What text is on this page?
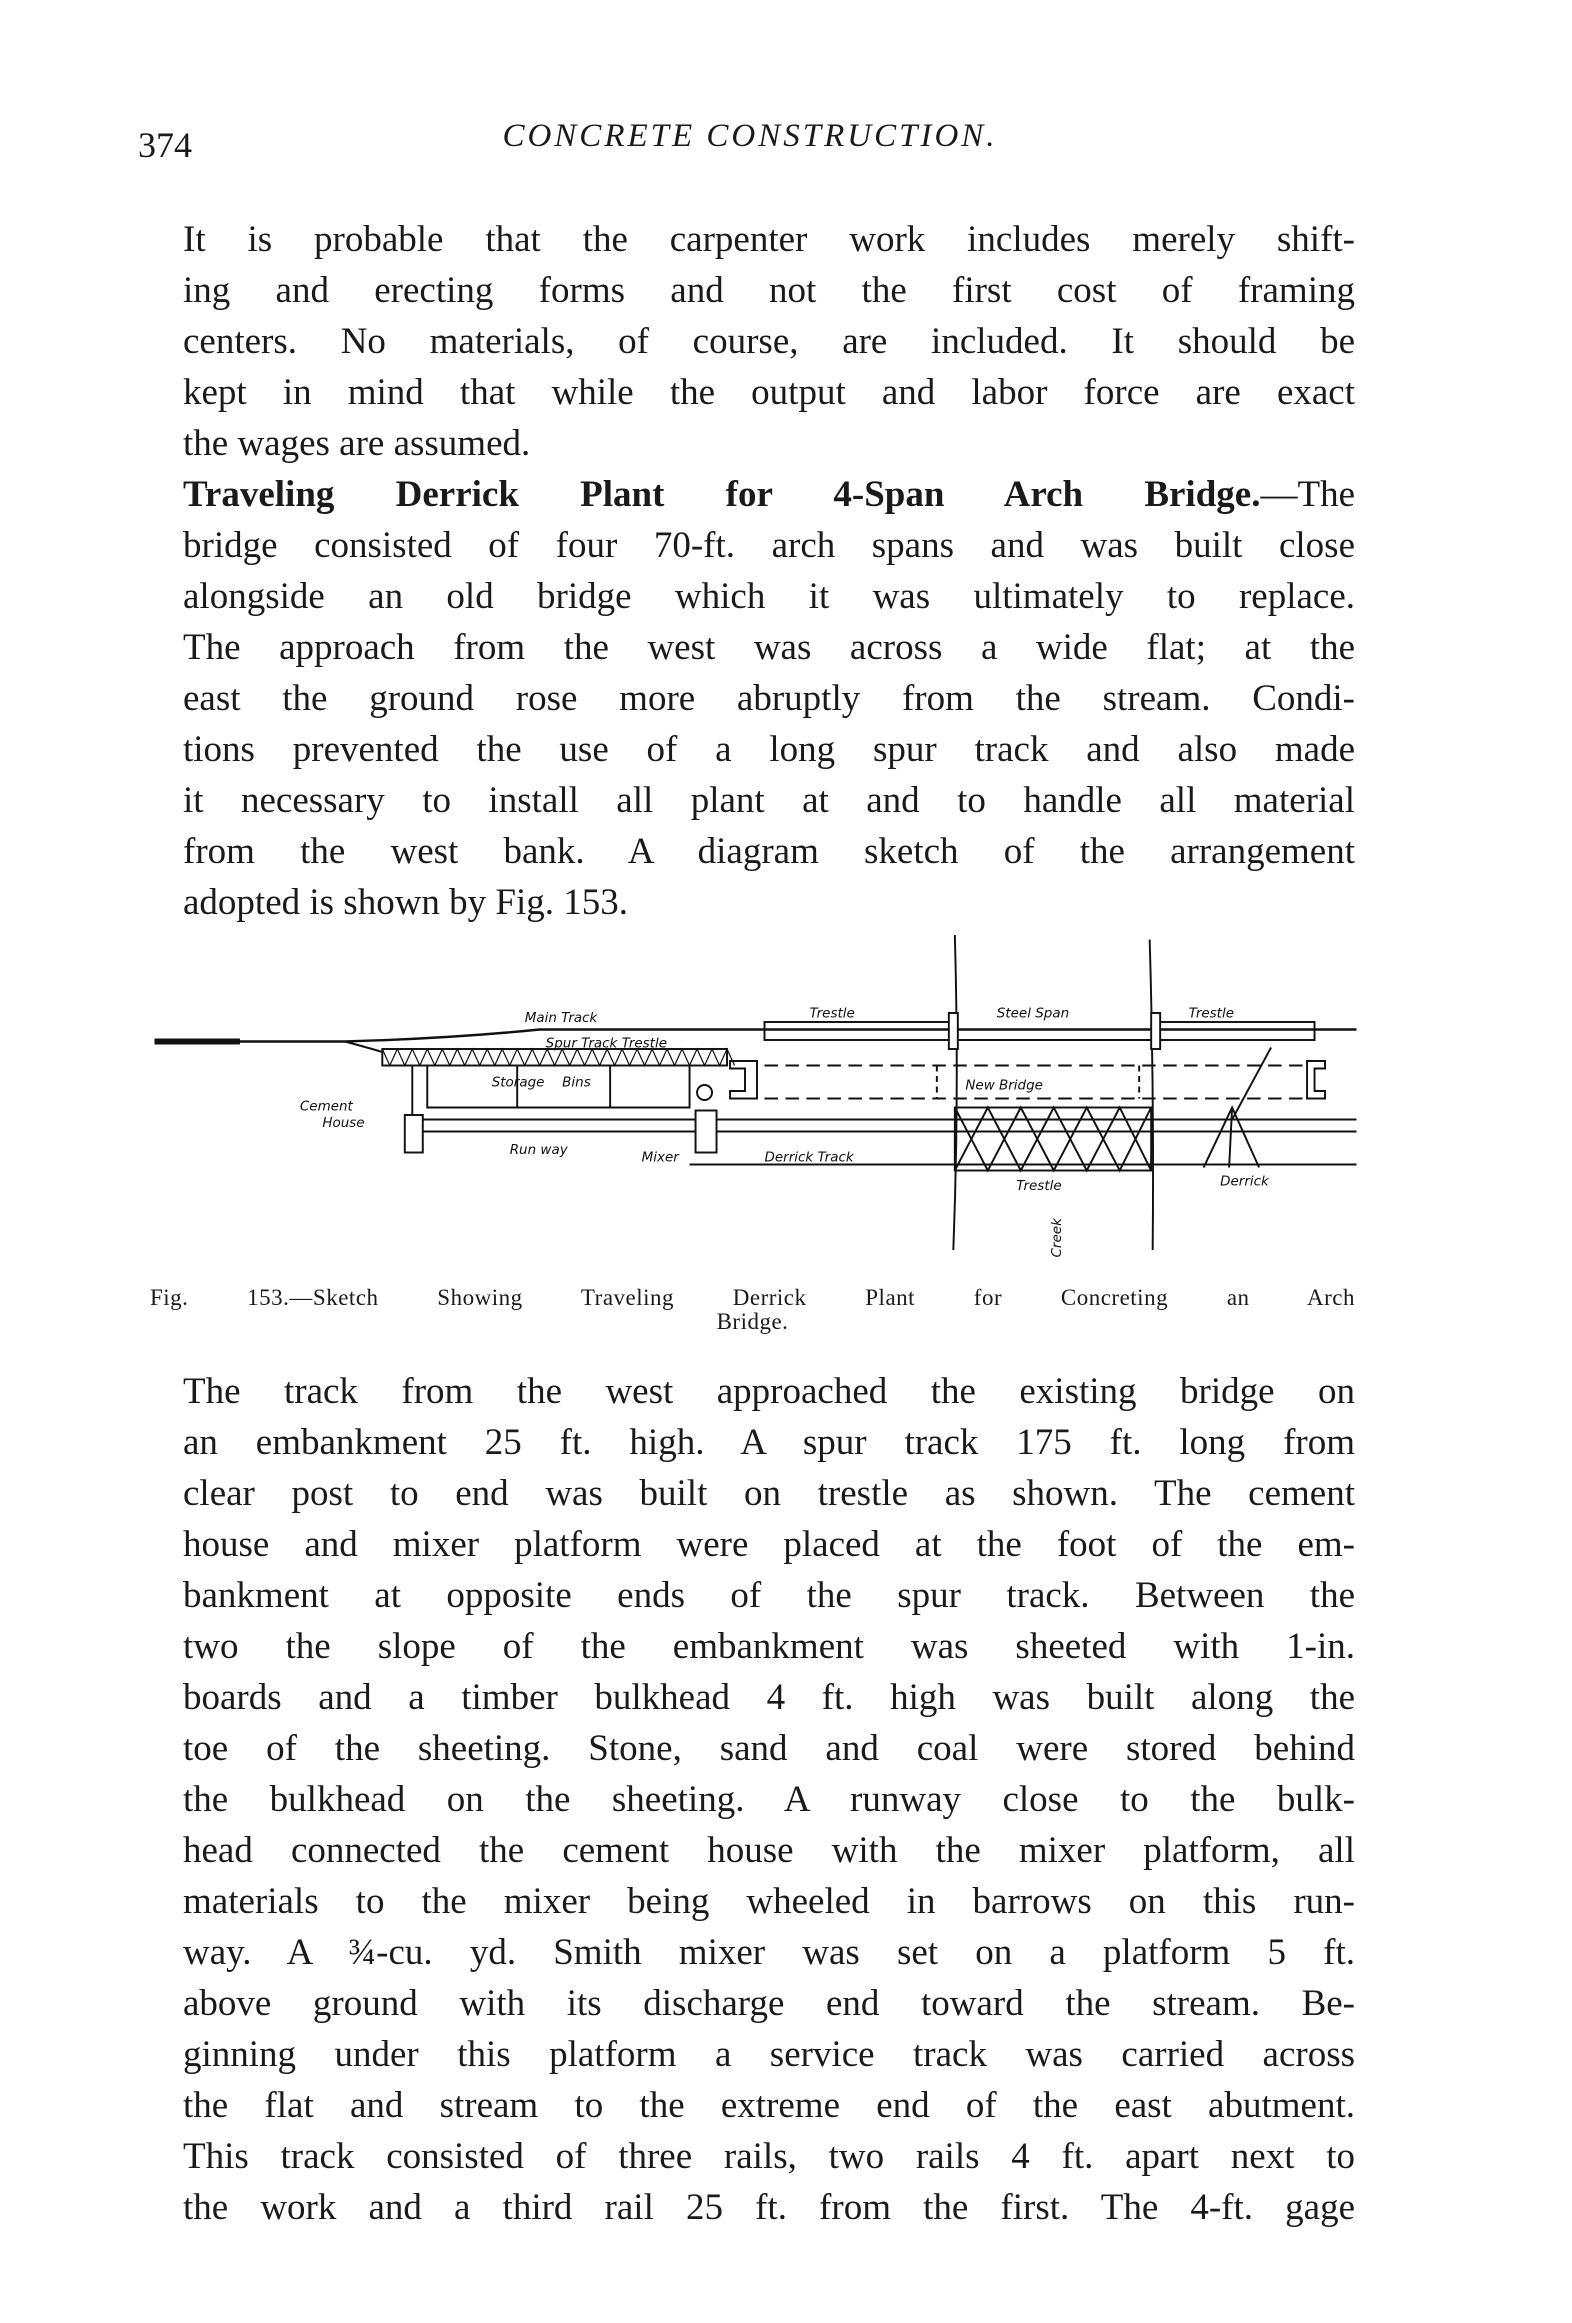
374	CONCRETE CONSTRUCTION.
It is probable that the carpenter work includes merely shift-
ing and erecting forms and not the first cost of framing
centers. No materials, of course, are included. It should be
kept in mind that while the output and labor force are exact
the wages are assumed.
Traveling Derrick Plant for 4-Span Arch Bridge.—The
bridge consisted of four 70-ft. arch spans and was built close
alongside an old bridge which it was ultimately to replace.
The approach from the west was across a wide flat; at the
east the ground rose more abruptly from the stream. Condi-
tions prevented the use of a long spur track and also made
it necessary to install all plant at and to handle all material
from the west bank. A diagram sketch of the arrangement
adopted is shown by Fig. 153.
Main Track
Spur Track Trestle
Trestle	Steel Span	Trestle
Storage Bins	New Bridge
Cement
House
Run way	Mixer	Derrick Track
Trestle	Derrick
Creek
Fig. 153.—Sketch Showing Traveling Derrick Plant for Concreting an Arch
Bridge.
The track from the west approached the existing bridge on
an embankment 25 ft. high. A spur track 175 ft. long from
clear post to end was built on trestle as shown. The cement
house and mixer platform were placed at the foot of the em-
bankment at opposite ends of the spur track. Between the
two the slope of the embankment was sheeted with 1-in.
boards and a timber bulkhead 4 ft. high was built along the
toe of the sheeting. Stone, sand and coal were stored behind
the bulkhead on the sheeting. A runway close to the bulk-
head connected the cement house with the mixer platform, all
materials to the mixer being wheeled in barrows on this run-
way. A ¾-cu. yd. Smith mixer was set on a platform 5 ft.
above ground with its discharge end toward the stream. Be-
ginning under this platform a service track was carried across
the flat and stream to the extreme end of the east abutment.
This track consisted of three rails, two rails 4 ft. apart next to
the work and a third rail 25 ft. from the first. The 4-ft. gage
